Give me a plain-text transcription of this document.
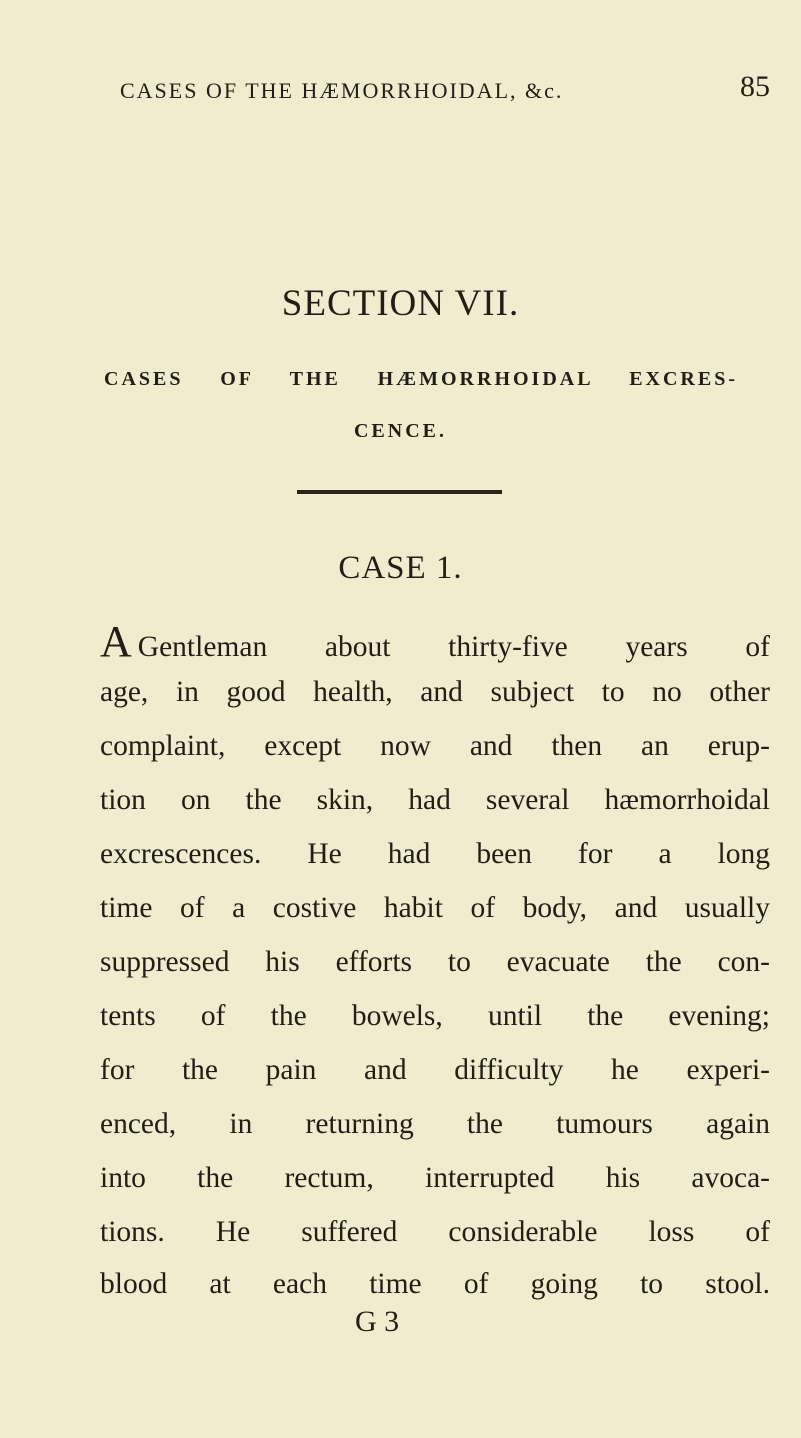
CASES OF THE HÆMORRHOIDAL, &c.	85
SECTION VII.
CASES OF THE HÆMORRHOIDAL EXCRES-
CENCE.
CASE 1.
A Gentleman about thirty-five years of
age, in good health, and subject to no other
complaint, except now and then an erup-
tion on the skin, had several hæmorrhoidal
excrescences. He had been for a long
time of a costive habit of body, and usually
suppressed his efforts to evacuate the con-
tents of the bowels, until the evening;
for the pain and difficulty he experi-
enced, in returning the tumours again
into the rectum, interrupted his avoca-
tions. He suffered considerable loss of
blood at each time of going to stool.
G 3
